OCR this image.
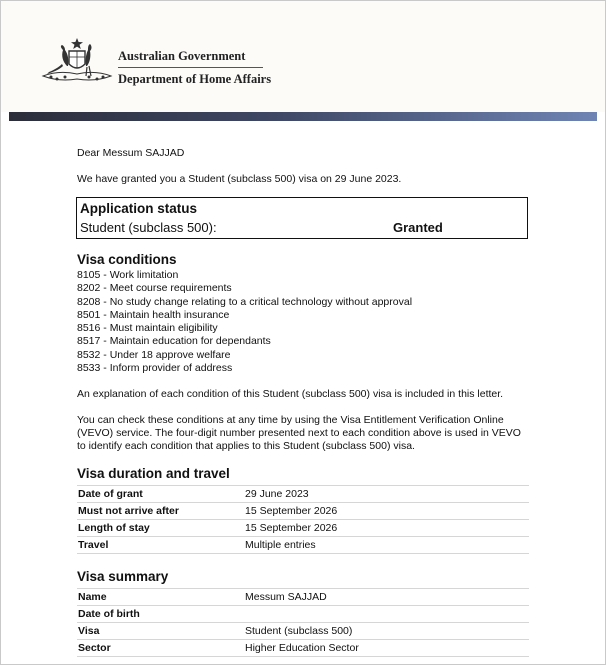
Australian Government
Department of Home Affairs
Dear Messum SAJJAD
We have granted you a Student (subclass 500) visa on 29 June 2023.
Application status
Student (subclass 500):	Granted
Visa conditions
8105 - Work limitation
8202 - Meet course requirements
8208 - No study change relating to a critical technology without approval
8501 - Maintain health insurance
8516 - Must maintain eligibility
8517 - Maintain education for dependants
8532 - Under 18 approve welfare
8533 - Inform provider of address
An explanation of each condition of this Student (subclass 500) visa is included in this letter.
You can check these conditions at any time by using the Visa Entitlement Verification Online (VEVO) service. The four-digit number presented next to each condition above is used in VEVO to identify each condition that applies to this Student (subclass 500) visa.
Visa duration and travel
Date of grant	29 June 2023
Must not arrive after	15 September 2026
Length of stay	15 September 2026
Travel	Multiple entries
Visa summary
Name	Messum SAJJAD
Date of birth
Visa	Student (subclass 500)
Sector	Higher Education Sector
